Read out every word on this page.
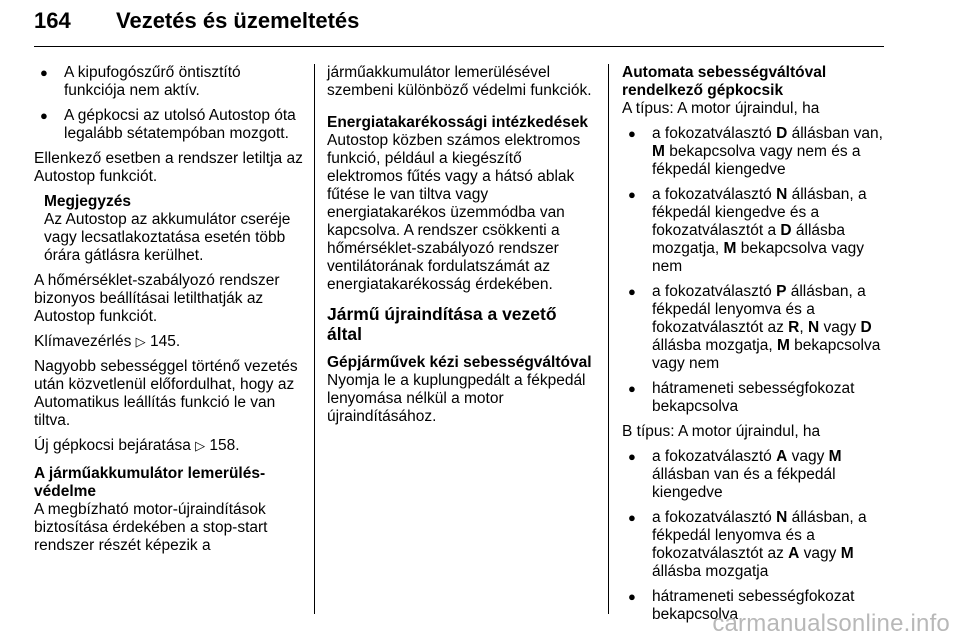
164 Vezetés és üzemeltetés
●	A kipufogószűrő öntisztító funkciója nem aktív.
●	A gépkocsi az utolsó Autostop óta legalább sétatempóban mozgott.

Ellenkező esetben a rendszer letiltja az Autostop funkciót.

Megjegyzés
Az Autostop az akkumulátor cseréje vagy lecsatlakoztatása esetén több órára gátlásra kerülhet.

A hőmérséklet-szabályozó rendszer bizonyos beállításai letilthatják az Autostop funkciót.

Klímavezérlés ▷ 145.

Nagyobb sebességgel történő vezetés után közvetlenül előfordulhat, hogy az Automatikus leállítás funkció le van tiltva.

Új gépkocsi bejáratása ▷ 158.

A járműakkumulátor lemerülés-
védelme

A megbízható motor-újraindítások biztosítása érdekében a stop-start rendszer részét képezik a

járműakkumulátor lemerülésével szembeni különböző védelmi funkciók.

Energiatakarékossági intézkedések

Autostop közben számos elektromos funkció, például a kiegészítő elektromos fűtés vagy a hátsó ablak fűtése le van tiltva vagy energiatakarékos üzemmódba van kapcsolva. A rendszer csökkenti a hőmérséklet-szabályozó rendszer ventilátorának fordulatszámát az energiatakarékosság érdekében.

Jármű újraindítása a vezető által
Gépjárművek kézi sebességváltóval

Nyomja le a kuplungpedált a fékpedál lenyomása nélkül a motor újraindításához.

Automata sebességváltóval
rendelkező gépkocsik

A típus: A motor újraindul, ha

●	a fokozatválasztó D állásban van, M bekapcsolva vagy nem és a fékpedál kiengedve
●	a fokozatválasztó N állásban, a fékpedál kiengedve és a fokozatválasztót a D állásba mozgatja, M bekapcsolva vagy nem
●	a fokozatválasztó P állásban, a fékpedál lenyomva és a fokozatválasztót az R, N vagy D állásba mozgatja, M bekapcsolva vagy nem
●	hátrameneti sebességfokozat bekapcsolva

B típus: A motor újraindul, ha

●	a fokozatválasztó A vagy M állásban van és a fékpedál kiengedve
●	a fokozatválasztó N állásban, a fékpedál lenyomva és a fokozatválasztót az A vagy M állásba mozgatja
●	hátrameneti sebességfokozat bekapcsolva
carmanualsonline.info
